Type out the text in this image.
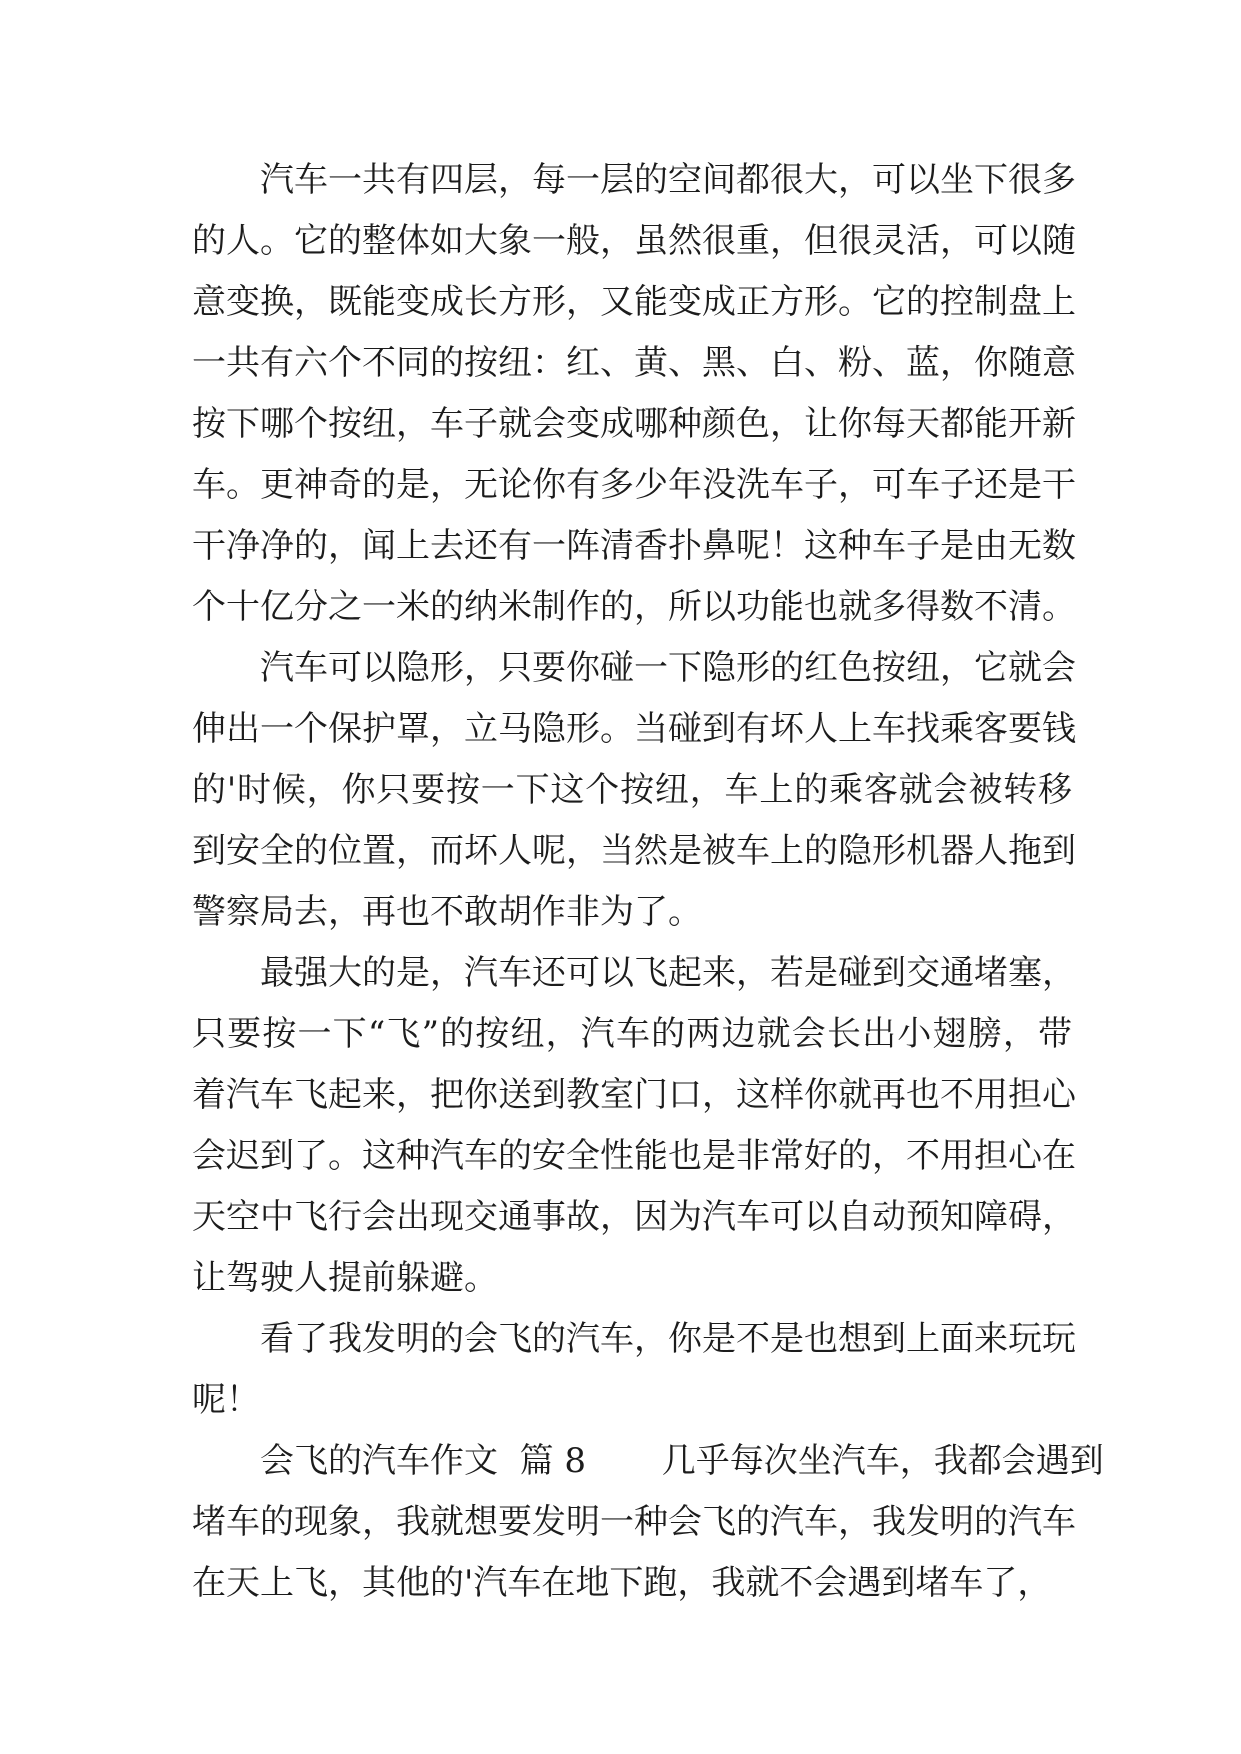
汽车一共有四层，每一层的空间都很大，可以坐下很多
的人。它的整体如大象一般，虽然很重，但很灵活，可以随
意变换，既能变成长方形，又能变成正方形。它的控制盘上
一共有六个不同的按纽：红、黄、黑、白、粉、蓝，你随意
按下哪个按纽，车子就会变成哪种颜色，让你每天都能开新
车。更神奇的是，无论你有多少年没洗车子，可车子还是干
干净净的，闻上去还有一阵清香扑鼻呢！这种车子是由无数
个十亿分之一米的纳米制作的，所以功能也就多得数不清。
汽车可以隐形，只要你碰一下隐形的红色按纽，它就会
伸出一个保护罩，立马隐形。当碰到有坏人上车找乘客要钱
的'时候，你只要按一下这个按纽，车上的乘客就会被转移
到安全的位置，而坏人呢，当然是被车上的隐形机器人拖到
警察局去，再也不敢胡作非为了。
最强大的是，汽车还可以飞起来，若是碰到交通堵塞，
只要按一下“飞”的按纽，汽车的两边就会长出小翅膀，带
着汽车飞起来，把你送到教室门口，这样你就再也不用担心
会迟到了。这种汽车的安全性能也是非常好的，不用担心在
天空中飞行会出现交通事故，因为汽车可以自动预知障碍，
让驾驶人提前躲避。
看了我发明的会飞的汽车，你是不是也想到上面来玩玩
呢！
会飞的汽车作文  篇 8       几乎每次坐汽车，我都会遇到
堵车的现象，我就想要发明一种会飞的汽车，我发明的汽车
在天上飞，其他的'汽车在地下跑，我就不会遇到堵车了，
